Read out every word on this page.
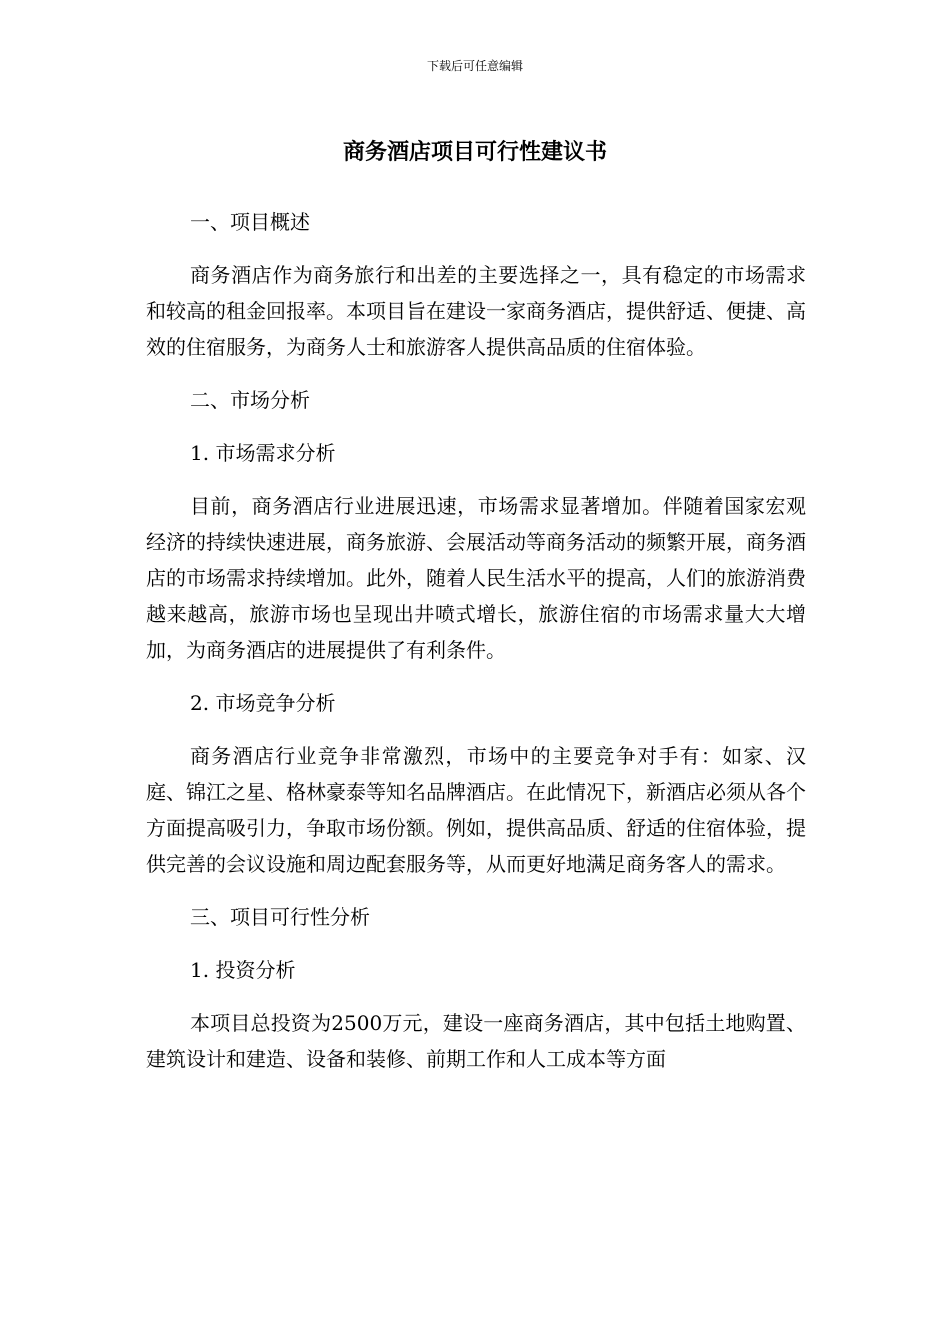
下载后可任意编辑
商务酒店项目可行性建议书

一、项目概述

商务酒店作为商务旅行和出差的主要选择之一，具有稳定的市场需求和较高的租金回报率。本项目旨在建设一家商务酒店，提供舒适、便捷、高效的住宿服务，为商务人士和旅游客人提供高品质的住宿体验。

二、市场分析

1. 市场需求分析

目前，商务酒店行业进展迅速，市场需求显著增加。伴随着国家宏观经济的持续快速进展，商务旅游、会展活动等商务活动的频繁开展，商务酒店的市场需求持续增加。此外，随着人民生活水平的提高，人们的旅游消费越来越高，旅游市场也呈现出井喷式增长，旅游住宿的市场需求量大大增加，为商务酒店的进展提供了有利条件。

2. 市场竞争分析

商务酒店行业竞争非常激烈，市场中的主要竞争对手有：如家、汉庭、锦江之星、格林豪泰等知名品牌酒店。在此情况下，新酒店必须从各个方面提高吸引力，争取市场份额。例如，提供高品质、舒适的住宿体验，提供完善的会议设施和周边配套服务等，从而更好地满足商务客人的需求。

三、项目可行性分析

1. 投资分析

本项目总投资为2500万元，建设一座商务酒店，其中包括土地购置、建筑设计和建造、设备和装修、前期工作和人工成本等方面
